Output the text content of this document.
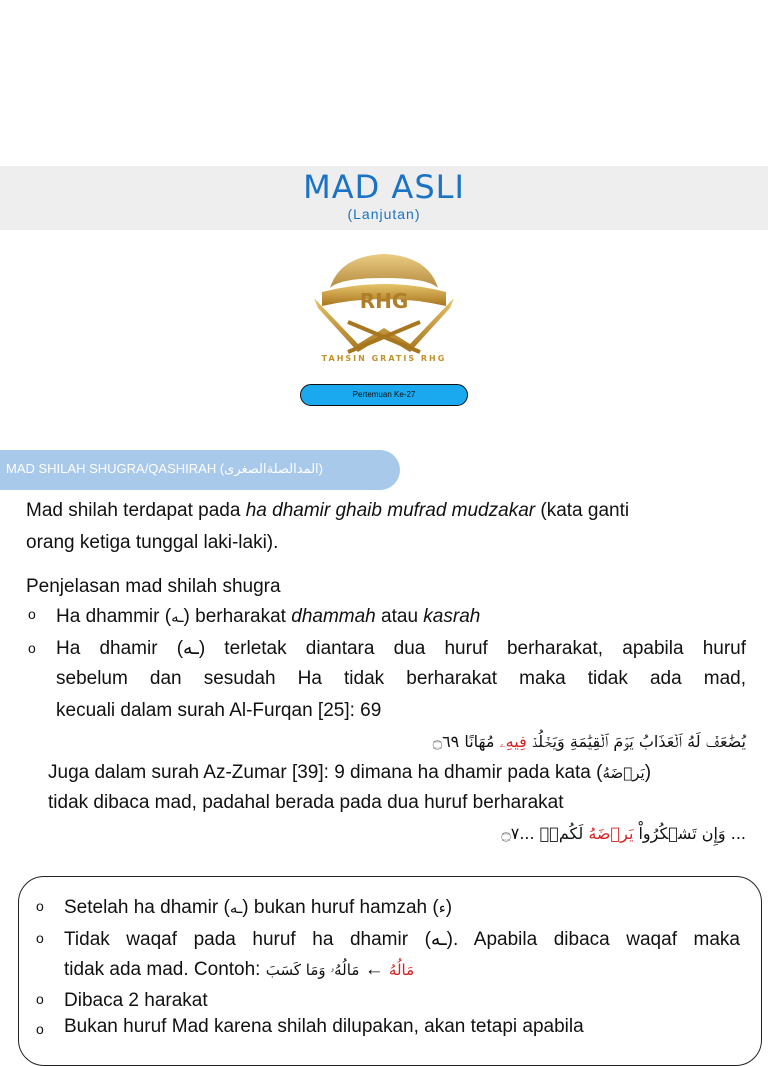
MAD ASLI
(Lanjutan)
RHG
TAHSIN GRATIS RHG
Pertemuan Ke-27
MAD SHILAH SHUGRA/QASHIRAH (المدالصلةالصغرى)
Mad shilah terdapat pada ha dhamir ghaib mufrad mudzakar (kata ganti
orang ketiga tunggal laki-laki).
Penjelasan mad shilah shugra
o Ha dhammir (ـه) berharakat dhammah atau kasrah
o Ha dhamir (ـه) terletak diantara dua huruf berharakat, apabila huruf
sebelum dan sesudah Ha tidak berharakat maka tidak ada mad,
kecuali dalam surah Al-Furqan [25]: 69
يُضَٰعَفۡ لَهُ ٱلۡعَذَابُ يَوۡمَ ٱلۡقِيَٰمَةِ وَيَخۡلُدۡ فِيهِۦ مُهَانًا ۝٦٩
Juga dalam surah Az-Zumar [39]: 9 dimana ha dhamir pada kata (يَرۡضَهُ)
tidak dibaca mad, padahal berada pada dua huruf berharakat
... وَإِن تَشۡكُرُواْ يَرۡضَهُ لَكُمۡۗ ...۝٧
o Setelah ha dhamir (ـه) bukan huruf hamzah (ء)
o Tidak waqaf pada huruf ha dhamir (ـه). Apabila dibaca waqaf maka
tidak ada mad. Contoh:	مَالُهُ ← مَالُهُۥ وَمَا كَسَبَ
o Dibaca 2 harakat
o Bukan huruf Mad karena shilah dilupakan, akan tetapi apabila
